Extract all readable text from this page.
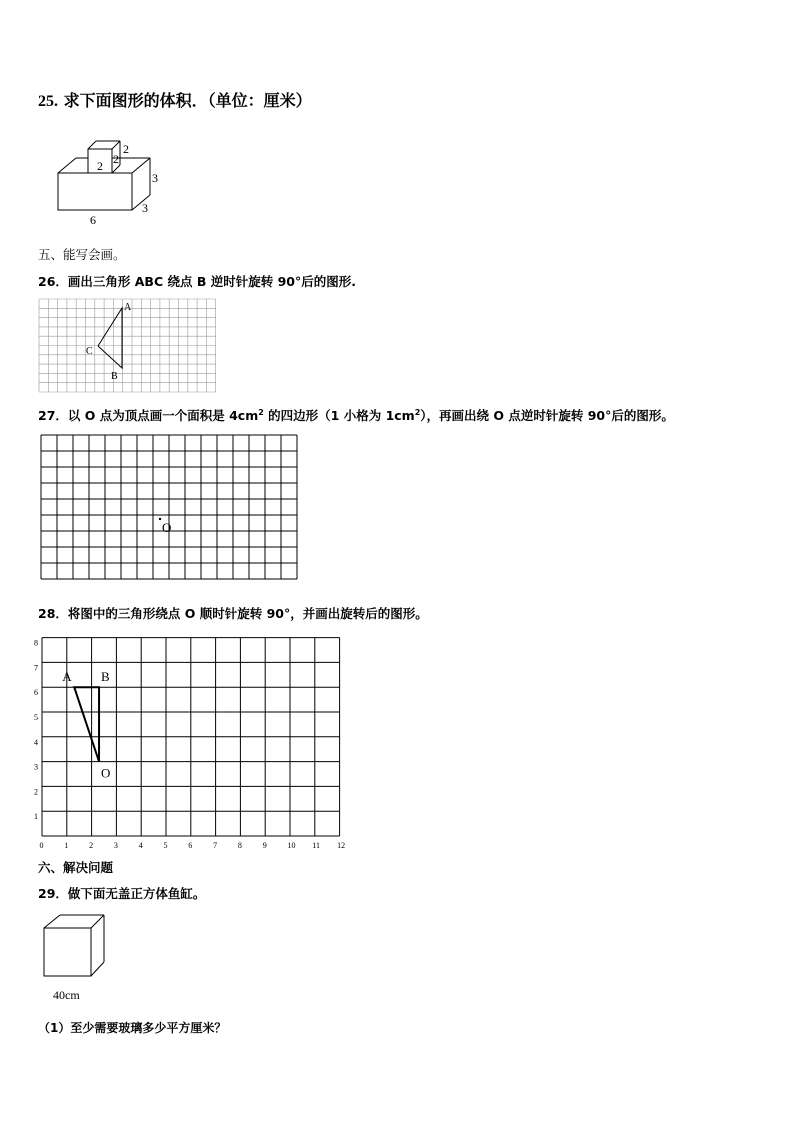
25. 求下面图形的体积．（单位：厘米）
2
2
2
3
3
6
五、能写会画。
26．画出三角形 ABC 绕点 B 逆时针旋转 90°后的图形.
A
B
C
27．以 O 点为顶点画一个面积是 $4cm^2$ 的四边形（1 小格为 $1cm^2$），再画出绕 O 点逆时针旋转 90°后的图形。
O
28．将图中的三角形绕点 O 顺时针旋转 90°，并画出旋转后的图形。
0	1	2	3	4	5	6	7	8	9	10 11 12
1
2
3
4
5
6
7
8
A B
O
六、解决问题
29．做下面无盖正方体鱼缸。
40cm
（1）至少需要玻璃多少平方厘米？
